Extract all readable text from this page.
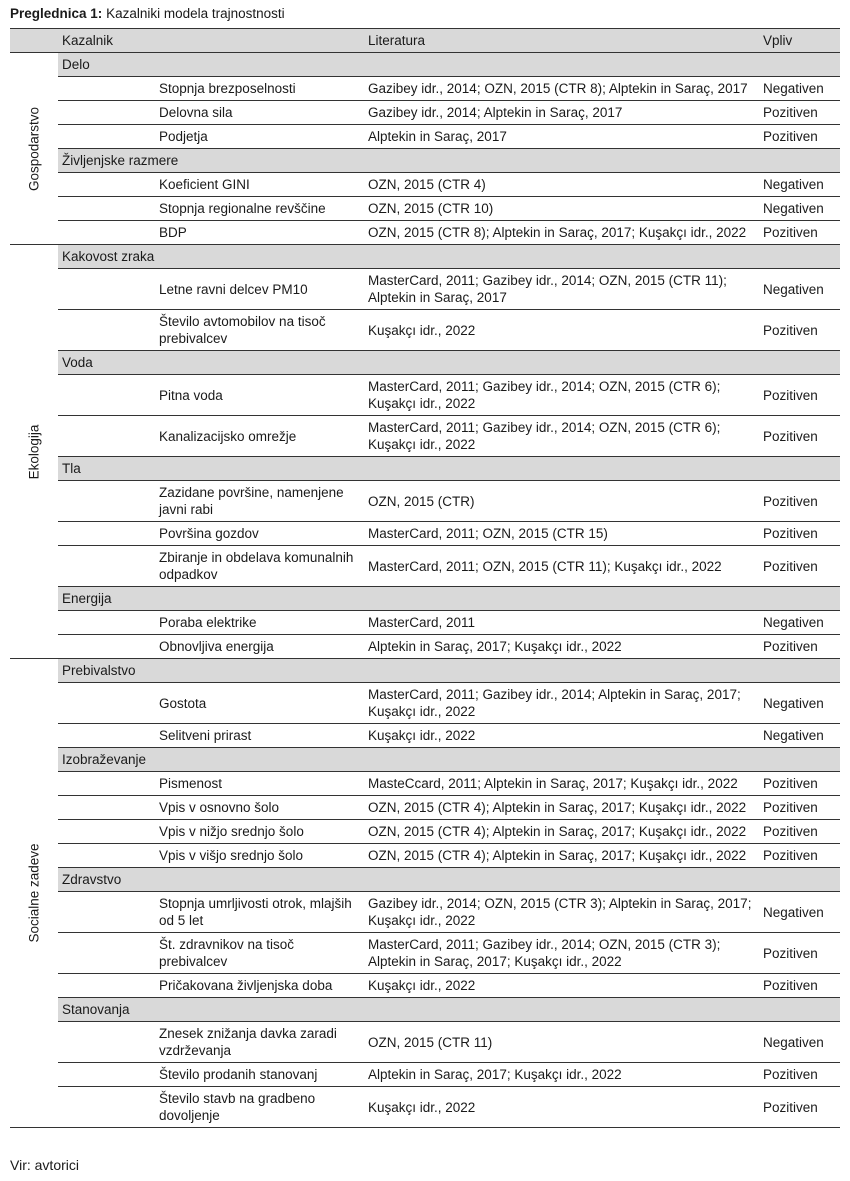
Preglednica 1: Kazalniki modela trajnostnosti
	Kazalnik		Literatura	Vpliv

Gospodarstvo	Delo			
		Stopnja brezposelnosti	Gazibey idr., 2014; OZN, 2015 (CTR 8); Alptekin in Saraç, 2017	Negativen
		Delovna sila	Gazibey idr., 2014; Alptekin in Saraç, 2017	Pozitiven
		Podjetja	Alptekin in Saraç, 2017	Pozitiven
	Življenjske razmere			
		Koeficient GINI	OZN, 2015 (CTR 4)	Negativen
		Stopnja regionalne revščine	OZN, 2015 (CTR 10)	Negativen
		BDP	OZN, 2015 (CTR 8); Alptekin in Saraç, 2017; Kuşakçı idr., 2022	Pozitiven

Ekologija	Kakovost zraka			
		Letne ravni delcev PM10	MasterCard, 2011; Gazibey idr., 2014; OZN, 2015 (CTR 11); Alptekin in Saraç, 2017	Negativen
		Število avtomobilov na tisoč prebivalcev	Kuşakçı idr., 2022	Pozitiven
	Voda			
		Pitna voda	MasterCard, 2011; Gazibey idr., 2014; OZN, 2015 (CTR 6); Kuşakçı idr., 2022	Pozitiven
		Kanalizacijsko omrežje	MasterCard, 2011; Gazibey idr., 2014; OZN, 2015 (CTR 6); Kuşakçı idr., 2022	Pozitiven
	Tla			
		Zazidane površine, namenjene javni rabi	OZN, 2015 (CTR)	Pozitiven
		Površina gozdov	MasterCard, 2011; OZN, 2015 (CTR 15)	Pozitiven
		Zbiranje in obdelava komunalnih odpadkov	MasterCard, 2011; OZN, 2015 (CTR 11); Kuşakçı idr., 2022	Pozitiven
	Energija			
		Poraba elektrike	MasterCard, 2011	Negativen
		Obnovljiva energija	Alptekin in Saraç, 2017; Kuşakçı idr., 2022	Pozitiven

Socialne zadeve	Prebivalstvo			
		Gostota	MasterCard, 2011; Gazibey idr., 2014; Alptekin in Saraç, 2017; Kuşakçı idr., 2022	Negativen
		Selitveni prirast	Kuşakçı idr., 2022	Negativen
	Izobraževanje			
		Pismenost	MasteCcard, 2011; Alptekin in Saraç, 2017; Kuşakçı idr., 2022	Pozitiven
		Vpis v osnovno šolo	OZN, 2015 (CTR 4); Alptekin in Saraç, 2017; Kuşakçı idr., 2022	Pozitiven
		Vpis v nižjo srednjo šolo	OZN, 2015 (CTR 4); Alptekin in Saraç, 2017; Kuşakçı idr., 2022	Pozitiven
		Vpis v višjo srednjo šolo	OZN, 2015 (CTR 4); Alptekin in Saraç, 2017; Kuşakçı idr., 2022	Pozitiven
	Zdravstvo			
		Stopnja umrljivosti otrok, mlajših od 5 let	Gazibey idr., 2014; OZN, 2015 (CTR 3); Alptekin in Saraç, 2017; Kuşakçı idr., 2022	Negativen
		Št. zdravnikov na tisoč prebivalcev	MasterCard, 2011; Gazibey idr., 2014; OZN, 2015 (CTR 3); Alptekin in Saraç, 2017; Kuşakçı idr., 2022	Pozitiven
		Pričakovana življenjska doba	Kuşakçı idr., 2022	Pozitiven
	Stanovanja			
		Znesek znižanja davka zaradi vzdrževanja	OZN, 2015 (CTR 11)	Negativen
		Število prodanih stanovanj	Alptekin in Saraç, 2017; Kuşakçı idr., 2022	Pozitiven
		Število stavb na gradbeno dovoljenje	Kuşakçı idr., 2022	Pozitiven
Vir: avtorici
